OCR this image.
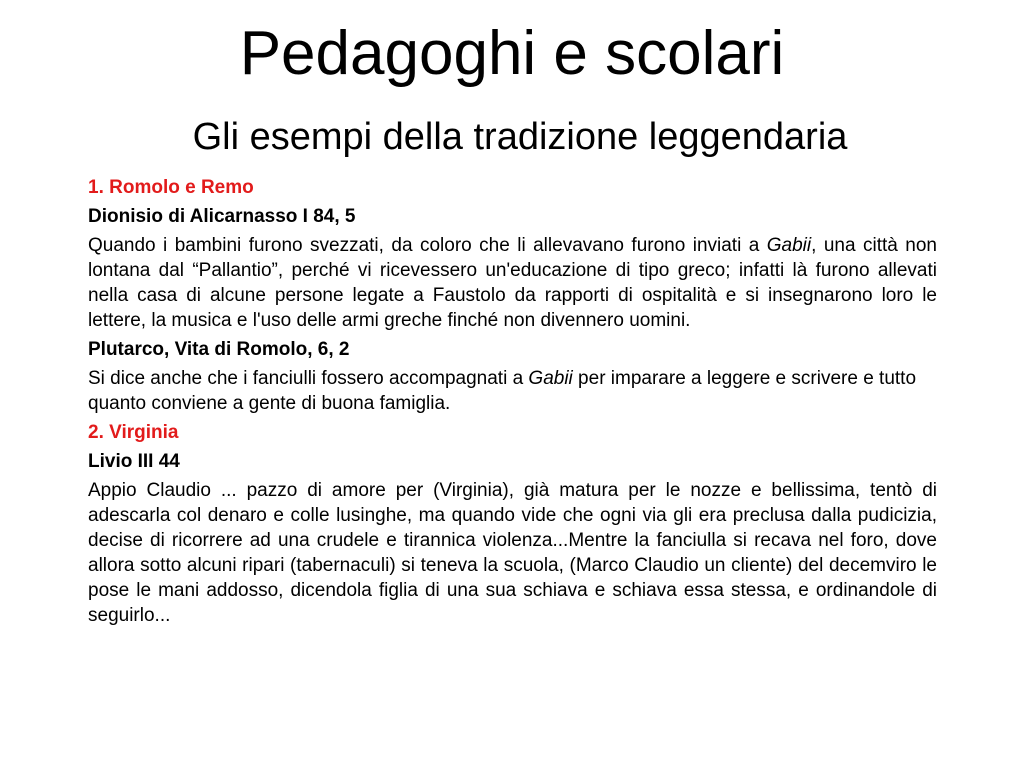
Pedagoghi e scolari
Gli esempi della tradizione leggendaria

1. Romolo e Remo

Dionisio di Alicarnasso I 84, 5

Quando i bambini furono svezzati, da coloro che li allevavano furono inviati a Gabii, una città non lontana dal “Pallantio”, perché vi ricevessero un'educazione di tipo greco; infatti là furono allevati nella casa di alcune persone legate a Faustolo da rapporti di ospitalità e si insegnarono loro le lettere, la musica e l'uso delle armi greche finché non divennero uomini.

Plutarco, Vita di Romolo, 6, 2

Si dice anche che i fanciulli fossero accompagnati a Gabii per imparare a leggere e scrivere e tutto quanto conviene a gente di buona famiglia.

2. Virginia

Livio III 44

Appio Claudio ... pazzo di amore per (Virginia), già matura per le nozze e bellissima, tentò di adescarla col denaro e colle lusinghe, ma quando vide che ogni via gli era preclusa dalla pudicizia, decise di ricorrere ad una crudele e tirannica violenza...Mentre la fanciulla si recava nel foro, dove allora sotto alcuni ripari (tabernaculi) si teneva la scuola, (Marco Claudio un cliente) del decemviro le pose le mani addosso, dicendola figlia di una sua schiava e schiava essa stessa, e ordinandole di seguirlo...
